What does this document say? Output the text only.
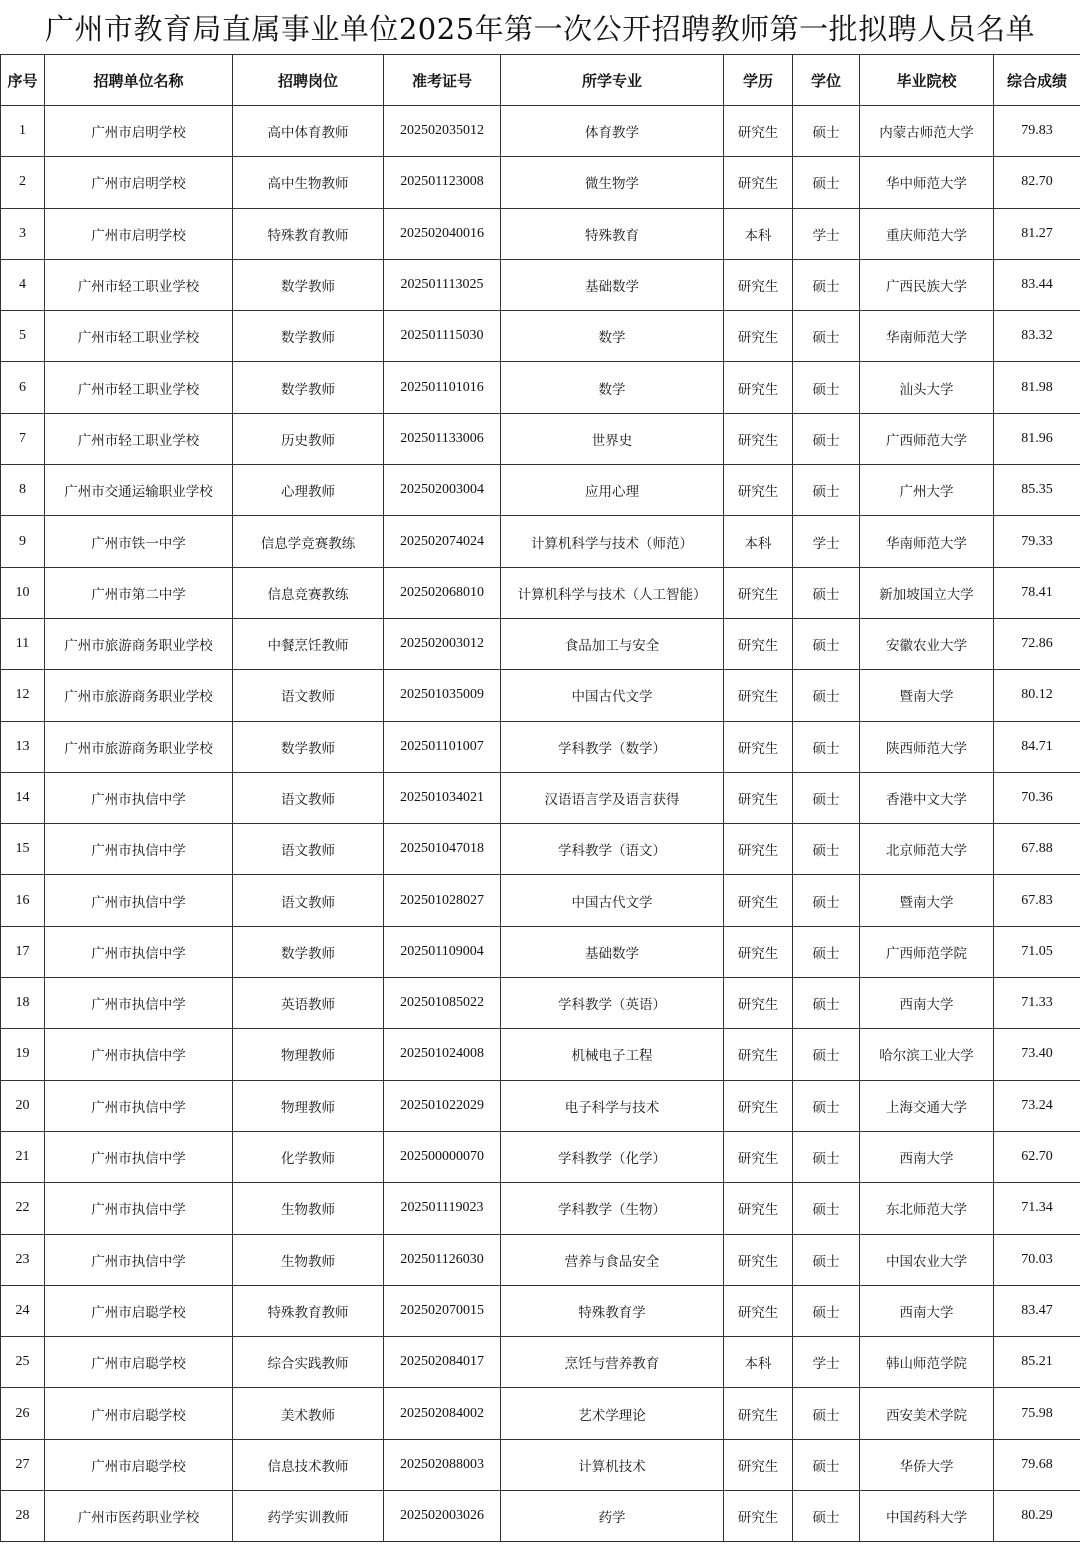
广州市教育局直属事业单位2025年第一次公开招聘教师第一批拟聘人员名单
序号	招聘单位名称	招聘岗位	准考证号	所学专业	学历	学位	毕业院校	综合成绩
1	广州市启明学校	高中体育教师	202502035012	体育教学	研究生	硕士	内蒙古师范大学	79.83
2	广州市启明学校	高中生物教师	202501123008	微生物学	研究生	硕士	华中师范大学	82.70
3	广州市启明学校	特殊教育教师	202502040016	特殊教育	本科	学士	重庆师范大学	81.27
4	广州市轻工职业学校	数学教师	202501113025	基础数学	研究生	硕士	广西民族大学	83.44
5	广州市轻工职业学校	数学教师	202501115030	数学	研究生	硕士	华南师范大学	83.32
6	广州市轻工职业学校	数学教师	202501101016	数学	研究生	硕士	汕头大学	81.98
7	广州市轻工职业学校	历史教师	202501133006	世界史	研究生	硕士	广西师范大学	81.96
8	广州市交通运输职业学校	心理教师	202502003004	应用心理	研究生	硕士	广州大学	85.35
9	广州市铁一中学	信息学竞赛教练	202502074024	计算机科学与技术（师范）	本科	学士	华南师范大学	79.33
10	广州市第二中学	信息竞赛教练	202502068010	计算机科学与技术（人工智能）	研究生	硕士	新加坡国立大学	78.41
11	广州市旅游商务职业学校	中餐烹饪教师	202502003012	食品加工与安全	研究生	硕士	安徽农业大学	72.86
12	广州市旅游商务职业学校	语文教师	202501035009	中国古代文学	研究生	硕士	暨南大学	80.12
13	广州市旅游商务职业学校	数学教师	202501101007	学科教学（数学）	研究生	硕士	陕西师范大学	84.71
14	广州市执信中学	语文教师	202501034021	汉语语言学及语言获得	研究生	硕士	香港中文大学	70.36
15	广州市执信中学	语文教师	202501047018	学科教学（语文）	研究生	硕士	北京师范大学	67.88
16	广州市执信中学	语文教师	202501028027	中国古代文学	研究生	硕士	暨南大学	67.83
17	广州市执信中学	数学教师	202501109004	基础数学	研究生	硕士	广西师范学院	71.05
18	广州市执信中学	英语教师	202501085022	学科教学（英语）	研究生	硕士	西南大学	71.33
19	广州市执信中学	物理教师	202501024008	机械电子工程	研究生	硕士	哈尔滨工业大学	73.40
20	广州市执信中学	物理教师	202501022029	电子科学与技术	研究生	硕士	上海交通大学	73.24
21	广州市执信中学	化学教师	202500000070	学科教学（化学）	研究生	硕士	西南大学	62.70
22	广州市执信中学	生物教师	202501119023	学科教学（生物）	研究生	硕士	东北师范大学	71.34
23	广州市执信中学	生物教师	202501126030	营养与食品安全	研究生	硕士	中国农业大学	70.03
24	广州市启聪学校	特殊教育教师	202502070015	特殊教育学	研究生	硕士	西南大学	83.47
25	广州市启聪学校	综合实践教师	202502084017	烹饪与营养教育	本科	学士	韩山师范学院	85.21
26	广州市启聪学校	美术教师	202502084002	艺术学理论	研究生	硕士	西安美术学院	75.98
27	广州市启聪学校	信息技术教师	202502088003	计算机技术	研究生	硕士	华侨大学	79.68
28	广州市医药职业学校	药学实训教师	202502003026	药学	研究生	硕士	中国药科大学	80.29
